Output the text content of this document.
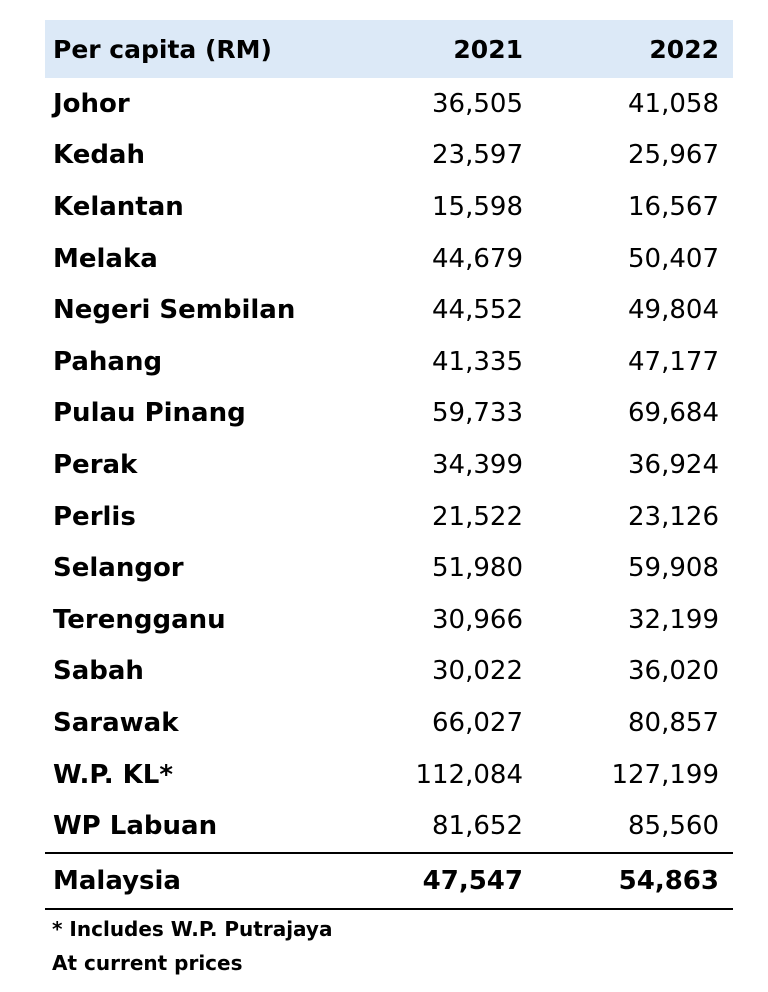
Per capita (RM)	2021	2022
Johor	36,505	41,058
Kedah	23,597	25,967
Kelantan	15,598	16,567
Melaka	44,679	50,407
Negeri Sembilan	44,552	49,804
Pahang	41,335	47,177
Pulau Pinang	59,733	69,684
Perak	34,399	36,924
Perlis	21,522	23,126
Selangor	51,980	59,908
Terengganu	30,966	32,199
Sabah	30,022	36,020
Sarawak	66,027	80,857
W.P. KL*	112,084	127,199
WP Labuan	81,652	85,560
Malaysia	47,547	54,863
* Includes W.P. Putrajaya
At current prices
